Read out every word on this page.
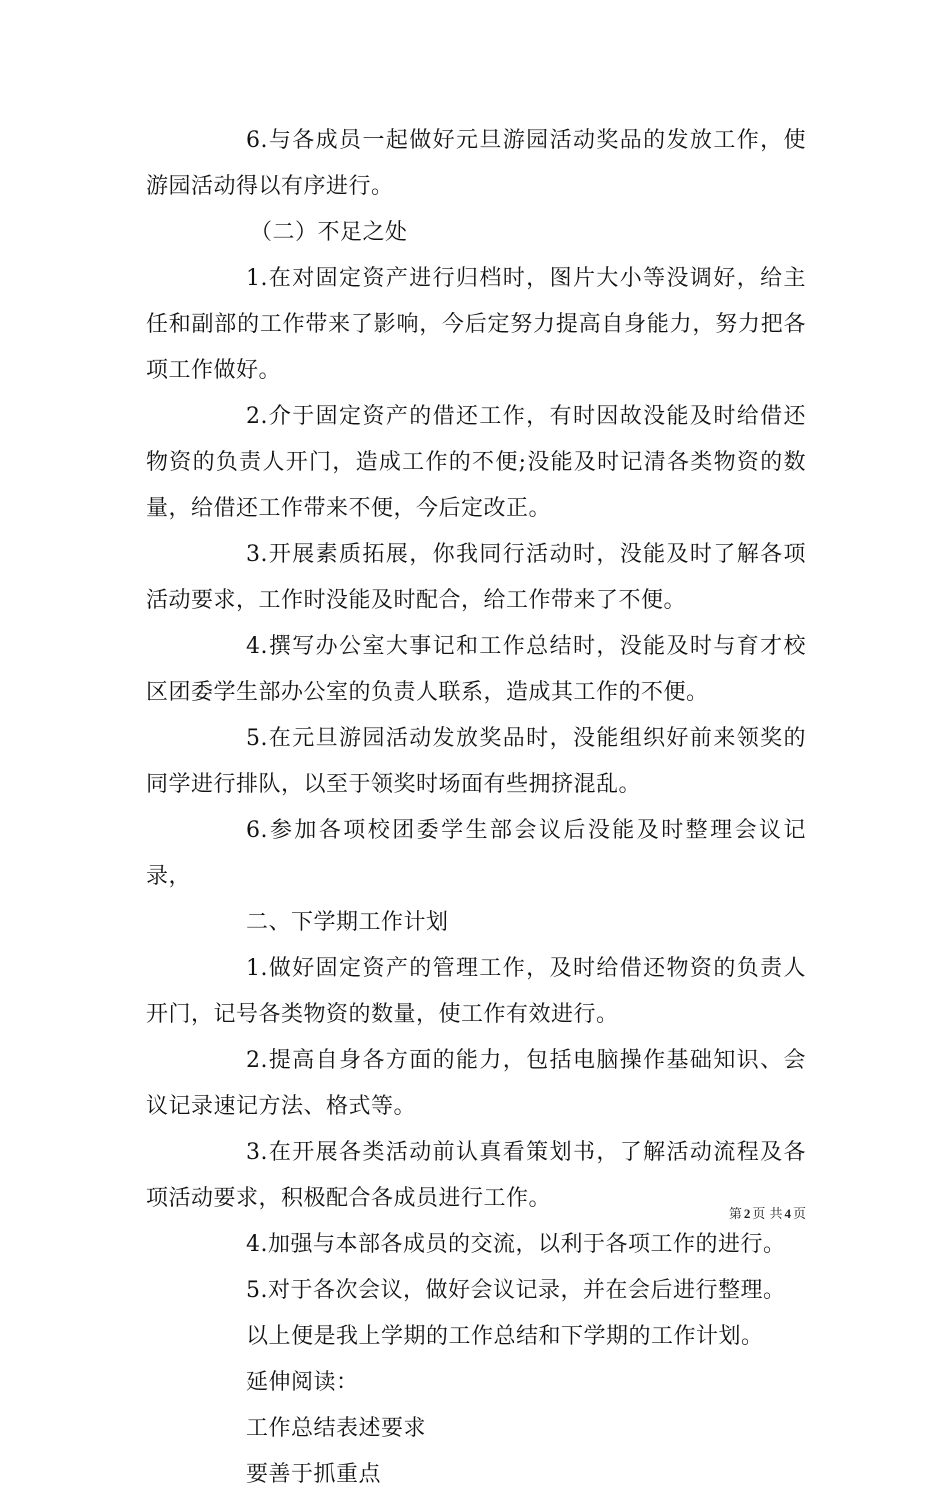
6.与各成员一起做好元旦游园活动奖品的发放工作，使游园活动得以有序进行。

（二）不足之处

1.在对固定资产进行归档时，图片大小等没调好，给主任和副部的工作带来了影响，今后定努力提高自身能力，努力把各项工作做好。

2.介于固定资产的借还工作，有时因故没能及时给借还物资的负责人开门，造成工作的不便;没能及时记清各类物资的数量，给借还工作带来不便，今后定改正。

3.开展素质拓展，你我同行活动时，没能及时了解各项活动要求，工作时没能及时配合，给工作带来了不便。

4.撰写办公室大事记和工作总结时，没能及时与育才校区团委学生部办公室的负责人联系，造成其工作的不便。

5.在元旦游园活动发放奖品时，没能组织好前来领奖的同学进行排队，以至于领奖时场面有些拥挤混乱。

6.参加各项校团委学生部会议后没能及时整理会议记录，

二、下学期工作计划

1.做好固定资产的管理工作，及时给借还物资的负责人开门，记号各类物资的数量，使工作有效进行。

2.提高自身各方面的能力，包括电脑操作基础知识、会议记录速记方法、格式等。

3.在开展各类活动前认真看策划书，了解活动流程及各项活动要求，积极配合各成员进行工作。

4.加强与本部各成员的交流，以利于各项工作的进行。

5.对于各次会议，做好会议记录，并在会后进行整理。

以上便是我上学期的工作总结和下学期的工作计划。

延伸阅读：

工作总结表述要求

要善于抓重点

第 2 页 共 4 页
